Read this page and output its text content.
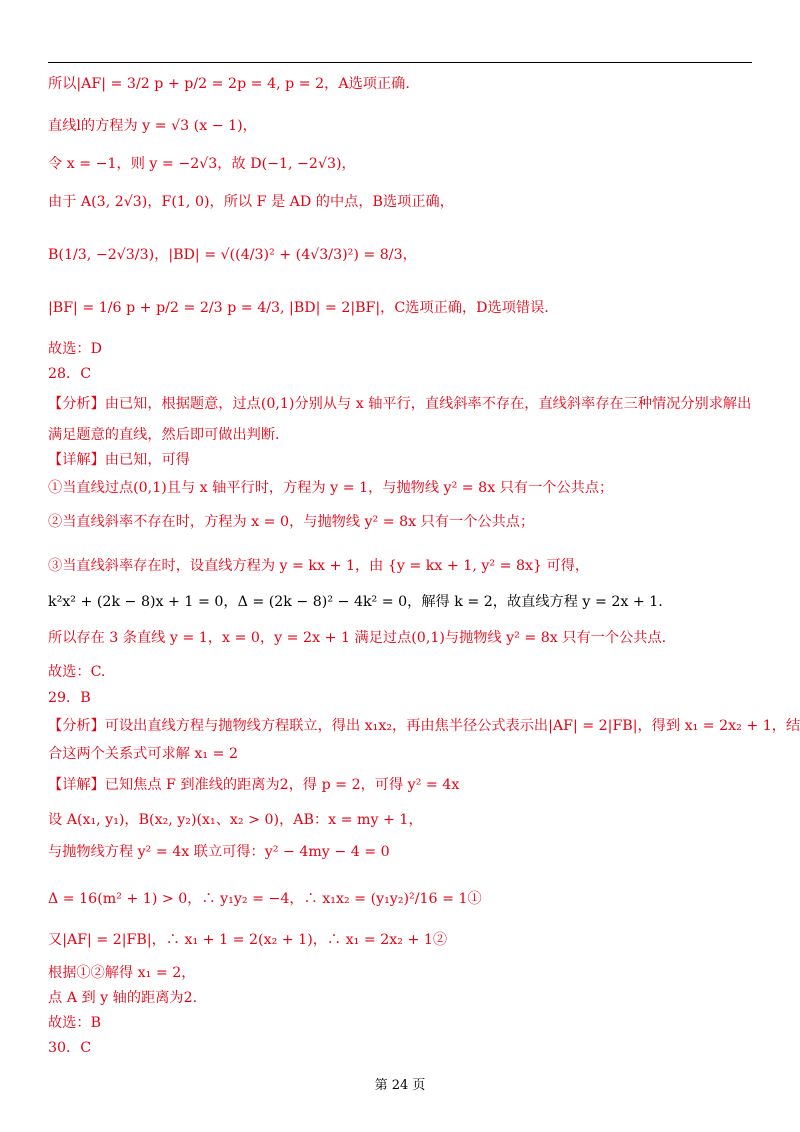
所以|AF| = 3/2 p + p/2 = 2p = 4, p = 2，A选项正确.
直线l的方程为 y = √3 (x − 1)，
令 x = −1，则 y = −2√3，故 D(−1, −2√3)，
由于 A(3, 2√3)，F(1, 0)，所以 F 是 AD 的中点，B选项正确，
B(1/3, −2√3/3)，|BD| = √((4/3)² + (4√3/3)²) = 8/3，
|BF| = 1/6 p + p/2 = 2/3 p = 4/3, |BD| = 2|BF|，C选项正确，D选项错误.
故选：D
28．C
【分析】由已知，根据题意，过点(0,1)分别从与 x 轴平行，直线斜率不存在，直线斜率存在三种情况分别求解出
满足题意的直线，然后即可做出判断.
【详解】由已知，可得
①当直线过点(0,1)且与 x 轴平行时，方程为 y = 1，与抛物线 y² = 8x 只有一个公共点；
②当直线斜率不存在时，方程为 x = 0，与抛物线 y² = 8x 只有一个公共点；
③当直线斜率存在时，设直线方程为 y = kx + 1，由 {y = kx + 1, y² = 8x} 可得，
k²x² + (2k − 8)x + 1 = 0，Δ = (2k − 8)² − 4k² = 0，解得 k = 2，故直线方程 y = 2x + 1.
所以存在 3 条直线 y = 1，x = 0，y = 2x + 1 满足过点(0,1)与抛物线 y² = 8x 只有一个公共点.
故选：C.
29．B
【分析】可设出直线方程与抛物线方程联立，得出 x₁x₂，再由焦半径公式表示出|AF| = 2|FB|，得到 x₁ = 2x₂ + 1，结
合这两个关系式可求解 x₁ = 2
【详解】已知焦点 F 到准线的距离为2，得 p = 2，可得 y² = 4x
设 A(x₁, y₁)，B(x₂, y₂)(x₁、x₂ > 0)，AB：x = my + 1，
与抛物线方程 y² = 4x 联立可得：y² − 4my − 4 = 0
Δ = 16(m² + 1) > 0，∴ y₁y₂ = −4，∴ x₁x₂ = (y₁y₂)²/16 = 1①
又|AF| = 2|FB|，∴ x₁ + 1 = 2(x₂ + 1)，∴ x₁ = 2x₂ + 1②
根据①②解得 x₁ = 2，
点 A 到 y 轴的距离为2.
故选：B
30．C
第 24 页
